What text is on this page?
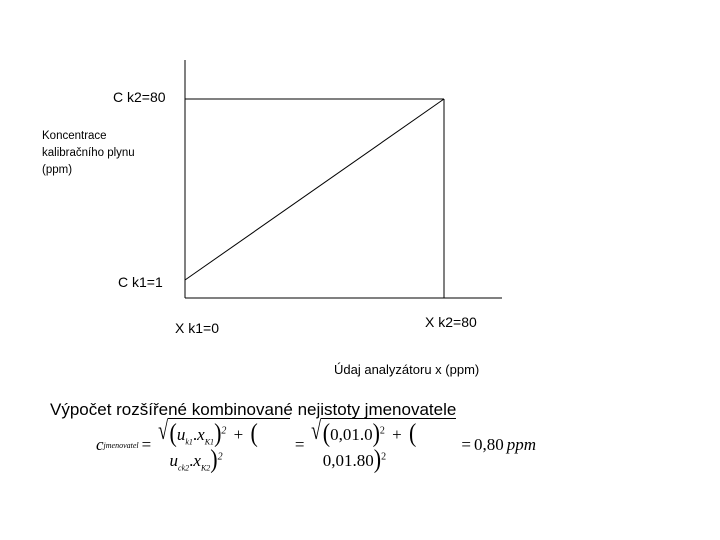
C k2=80
Koncentrace
kalibračního plynu
(ppm)
C k1=1
X k1=0	X k2=80
Údaj analyzátoru x (ppm)
Výpočet rozšířené kombinované nejistoty jmenovatele
c jmenovatel = √ $(u_{k1}.x_{K1})^2 + (u_{ck2}.x_{K2})^2$
= √ $(0,01.0)^2 + (0,01.80)^2$
= 0,80 ppm
